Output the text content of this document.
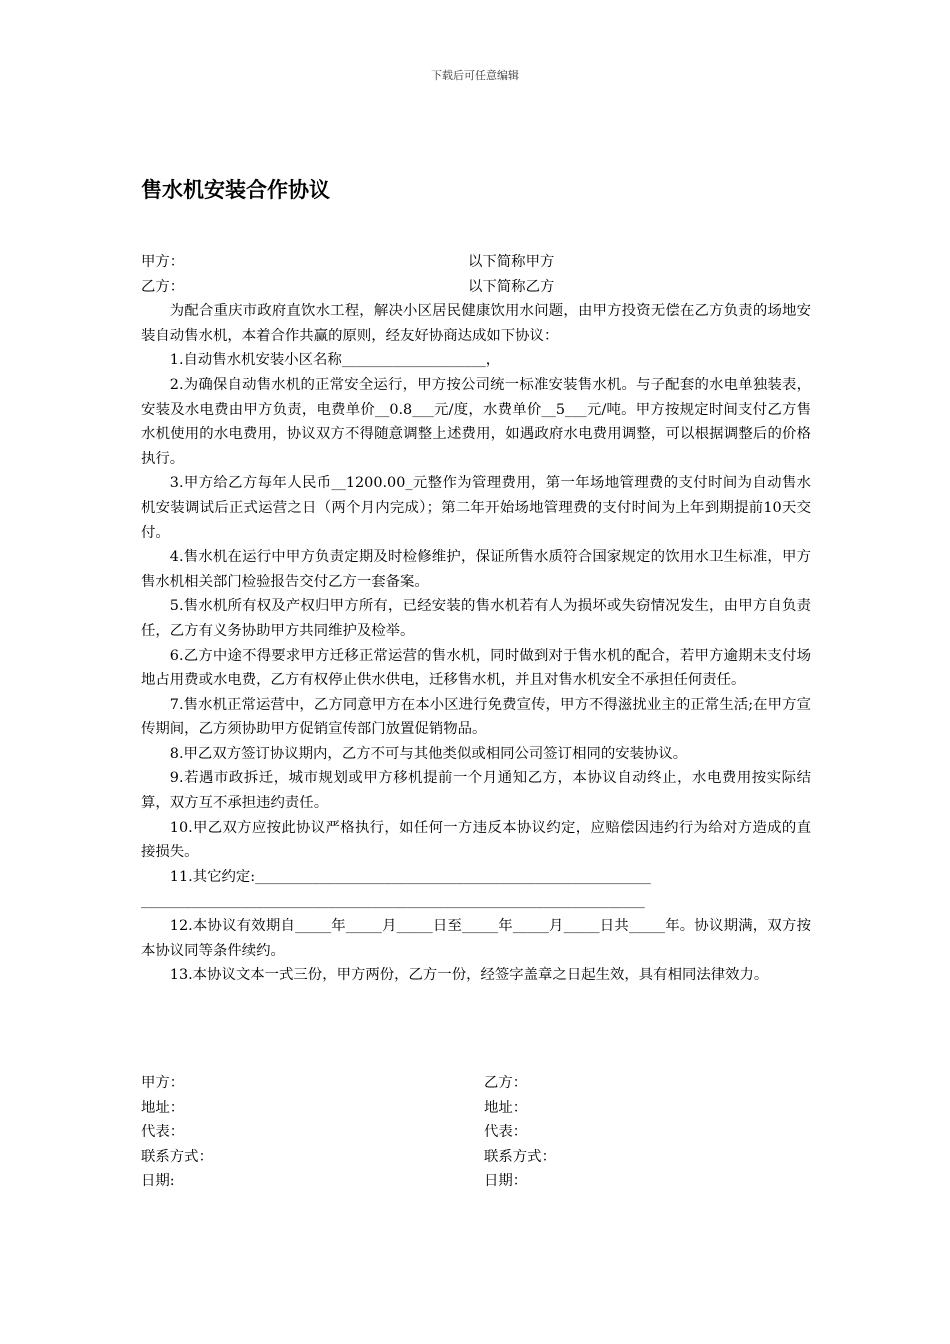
下载后可任意编辑
售水机安装合作协议
甲方：	以下简称甲方
乙方：	以下简称乙方

为配合重庆市政府直饮水工程，解决小区居民健康饮用水问题，由甲方投资无偿在乙方负责的场地安装自动售水机，本着合作共赢的原则，经友好协商达成如下协议：

1.自动售水机安装小区名称____________________，

2.为确保自动售水机的正常安全运行，甲方按公司统一标准安装售水机。与子配套的水电单独装表，安装及水电费由甲方负责，电费单价__0.8___元/度，水费单价__5___元/吨。甲方按规定时间支付乙方售水机使用的水电费用，协议双方不得随意调整上述费用，如遇政府水电费用调整，可以根据调整后的价格执行。

3.甲方给乙方每年人民币__1200.00_元整作为管理费用，第一年场地管理费的支付时间为自动售水机安装调试后正式运营之日（两个月内完成）；第二年开始场地管理费的支付时间为上年到期提前10天交付。

4.售水机在运行中甲方负责定期及时检修维护，保证所售水质符合国家规定的饮用水卫生标准，甲方售水机相关部门检验报告交付乙方一套备案。

5.售水机所有权及产权归甲方所有，已经安装的售水机若有人为损坏或失窃情况发生，由甲方自负责任，乙方有义务协助甲方共同维护及检举。

6.乙方中途不得要求甲方迁移正常运营的售水机，同时做到对于售水机的配合，若甲方逾期未支付场地占用费或水电费，乙方有权停止供水供电，迁移售水机，并且对售水机安全不承担任何责任。

7.售水机正常运营中，乙方同意甲方在本小区进行免费宣传，甲方不得滋扰业主的正常生活;在甲方宣传期间，乙方须协助甲方促销宣传部门放置促销物品。

8.甲乙双方签订协议期内，乙方不可与其他类似或相同公司签订相同的安装协议。

9.若遇市政拆迁，城市规划或甲方移机提前一个月通知乙方，本协议自动终止，水电费用按实际结算，双方互不承担违约责任。

10.甲乙双方应按此协议严格执行，如任何一方违反本协议约定，应赔偿因违约行为给对方造成的直接损失。

11.其它约定:_______________________________________________________

______________________________________________________________________

12.本协议有效期自_____年_____月_____日至_____年_____月_____日共_____年。协议期满，双方按本协议同等条件续约。

13.本协议文本一式三份，甲方两份，乙方一份，经签字盖章之日起生效，具有相同法律效力。

甲方：	乙方：
地址：	地址：
代表：	代表：
联系方式：	联系方式：
日期:	日期：
